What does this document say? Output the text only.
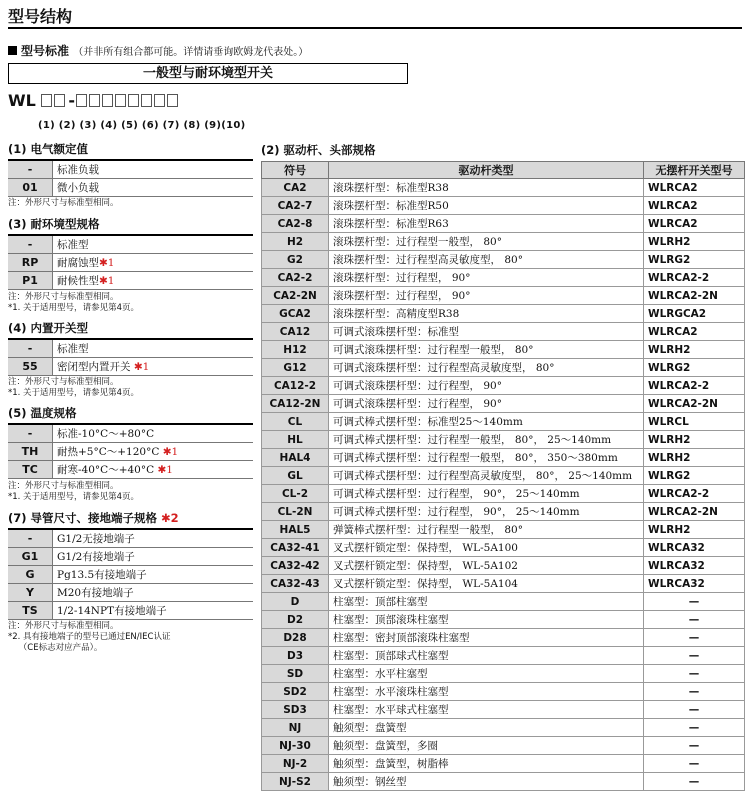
型号结构
型号标准 （并非所有组合都可能。详情请垂询欧姆龙代表处。）
一般型与耐环境型开关
WL -
(1) (2) (3) (4) (5) (6) (7) (8) (9)(10)
(1) 电气额定值
-	标准负载
01	微小负载
注：外形尺寸与标准型相同。
(3) 耐环境型规格
-	标准型
RP	耐腐蚀型✱1
P1	耐候性型✱1
注：外形尺寸与标准型相同。
*1. 关于适用型号，请参见第4页。
(4) 内置开关型
-	标准型
55	密闭型内置开关 ✱1
注：外形尺寸与标准型相同。
*1. 关于适用型号，请参见第4页。
(5) 温度规格
-	标准-10°C～+80°C
TH	耐热+5°C～+120°C ✱1
TC	耐寒-40°C～+40°C ✱1
注：外形尺寸与标准型相同。
*1. 关于适用型号，请参见第4页。
(7) 导管尺寸、接地端子规格 ✱2
-	G1/2无接地端子
G1	G1/2有接地端子
G	Pg13.5有接地端子
Y	M20有接地端子
TS	1/2-14NPT有接地端子
注：外形尺寸与标准型相同。
*2. 具有接地端子的型号已通过EN/IEC认证
（CE标志对应产品）。
(2) 驱动杆、头部规格
符号	驱动杆类型	无摆杆开关型号
CA2	滚珠摆杆型：标准型R38	WLRCA2
CA2-7	滚珠摆杆型：标准型R50	WLRCA2
CA2-8	滚珠摆杆型：标准型R63	WLRCA2
H2	滚珠摆杆型：过行程型一般型， 80°	WLRH2
G2	滚珠摆杆型：过行程型高灵敏度型， 80°	WLRG2
CA2-2	滚珠摆杆型：过行程型， 90°	WLRCA2-2
CA2-2N	滚珠摆杆型：过行程型， 90°	WLRCA2-2N
GCA2	滚珠摆杆型：高精度型R38	WLRGCA2
CA12	可调式滚珠摆杆型：标准型	WLRCA2
H12	可调式滚珠摆杆型：过行程型一般型， 80°	WLRH2
G12	可调式滚珠摆杆型：过行程型高灵敏度型， 80°	WLRG2
CA12-2	可调式滚珠摆杆型：过行程型， 90°	WLRCA2-2
CA12-2N	可调式滚珠摆杆型：过行程型， 90°	WLRCA2-2N
CL	可调式棒式摆杆型：标准型25～140mm	WLRCL
HL	可调式棒式摆杆型：过行程型一般型， 80°， 25～140mm	WLRH2
HAL4	可调式棒式摆杆型：过行程型一般型， 80°， 350～380mm	WLRH2
GL	可调式棒式摆杆型：过行程型高灵敏度型， 80°， 25～140mm	WLRG2
CL-2	可调式棒式摆杆型：过行程型， 90°， 25～140mm	WLRCA2-2
CL-2N	可调式棒式摆杆型：过行程型， 90°， 25～140mm	WLRCA2-2N
HAL5	弹簧棒式摆杆型：过行程型一般型， 80°	WLRH2
CA32-41	叉式摆杆锁定型：保持型， WL-5A100	WLRCA32
CA32-42	叉式摆杆锁定型：保持型， WL-5A102	WLRCA32
CA32-43	叉式摆杆锁定型：保持型， WL-5A104	WLRCA32
D	柱塞型：顶部柱塞型	—
D2	柱塞型：顶部滚珠柱塞型	—
D28	柱塞型：密封顶部滚珠柱塞型	—
D3	柱塞型：顶部球式柱塞型	—
SD	柱塞型：水平柱塞型	—
SD2	柱塞型：水平滚珠柱塞型	—
SD3	柱塞型：水平球式柱塞型	—
NJ	触须型：盘簧型	—
NJ-30	触须型：盘簧型，多圈	—
NJ-2	触须型：盘簧型，树脂棒	—
NJ-S2	触须型：钢丝型	—
